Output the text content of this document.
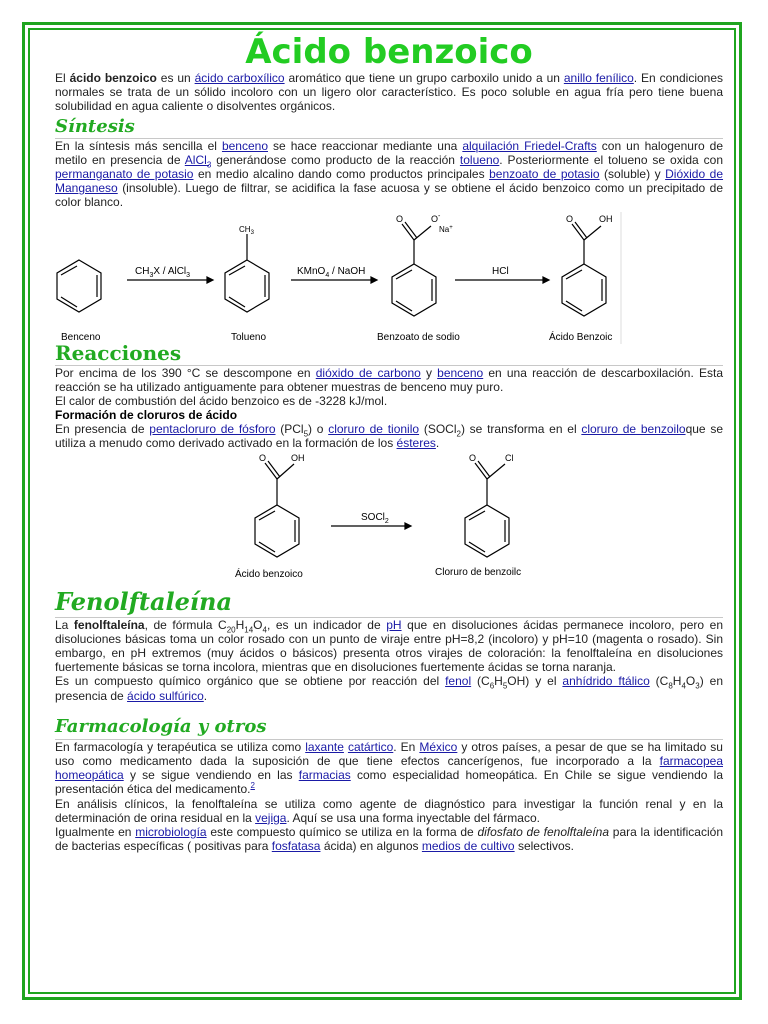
Ácido benzoico

El ácido benzoico es un ácido carboxílico aromático que tiene un grupo carboxilo unido a un anillo fenílico. En condiciones normales se trata de un sólido incoloro con un ligero olor característico. Es poco soluble en agua fría pero tiene buena solubilidad en agua caliente o disolventes orgánicos.

Síntesis

En la síntesis más sencilla el benceno se hace reaccionar mediante una alquilación Friedel-Crafts con un halogenuro de metilo en presencia de AlCl$_3$ generándose como producto de la reacción tolueno. Posteriormente el tolueno se oxida con permanganato de potasio en medio alcalino dando como productos principales benzoato de potasio (soluble) y Dióxido de Manganeso (insoluble). Luego de filtrar, se acidifica la fase acuosa y se obtiene el ácido benzoico como un precipitado de color blanco.

$CH_3$
$CH_3X$ / AlCl$_3$	KMnO$_4$ / NaOH	HCl
O	O-
Na+
O	OH
Benceno	Tolueno	Benzoato de sodio	Ácido Benzoic
Reacciones

Por encima de los 390 °C se descompone en dióxido de carbono y benceno en una reacción de descarboxilación. Esta reacción se ha utilizado antiguamente para obtener muestras de benceno muy puro.

El calor de combustión del ácido benzoico es de -3228 kJ/mol.

Formación de cloruros de ácido

En presencia de pentacloruro de fósforo (PCl$_5$) o cloruro de tionilo (SOCl$_2$) se transforma en el cloruro de benzoiloque se utiliza a menudo como derivado activado en la formación de los ésteres.

O	OH	O	Cl
SOCl$_2$
Ácido benzoico	Cloruro de benzoilc
Fenolftaleína

La fenolftaleína, de fórmula $C_{20}H_{14}O_4$, es un indicador de pH que en disoluciones ácidas permanece incoloro, pero en disoluciones básicas toma un color rosado con un punto de viraje entre pH=8,2 (incoloro) y pH=10 (magenta o rosado). Sin embargo, en pH extremos (muy ácidos o básicos) presenta otros virajes de coloración: la fenolftaleína en disoluciones fuertemente básicas se torna incolora, mientras que en disoluciones fuertemente ácidas se torna naranja.

Es un compuesto químico orgánico que se obtiene por reacción del fenol $(C_6H_5OH)$ y el anhídrido ftálico $(C_8H_4O_3)$ en presencia de ácido sulfúrico.

Farmacología y otros

En farmacología y terapéutica se utiliza como laxante catártico. En México y otros países, a pesar de que se ha limitado su uso como medicamento dada la suposición de que tiene efectos cancerígenos, fue incorporado a la farmacopea homeopática y se sigue vendiendo en las farmacias como especialidad homeopática. En Chile se sigue vendiendo la presentación ética del medicamento.$^2$

En análisis clínicos, la fenolftaleína se utiliza como agente de diagnóstico para investigar la función renal y en la determinación de orina residual en la vejiga. Aquí se usa una forma inyectable del fármaco.

Igualmente en microbiología este compuesto químico se utiliza en la forma de difosfato de fenolftaleína para la identificación de bacterias específicas ( positivas para fosfatasa ácida) en algunos medios de cultivo selectivos.
